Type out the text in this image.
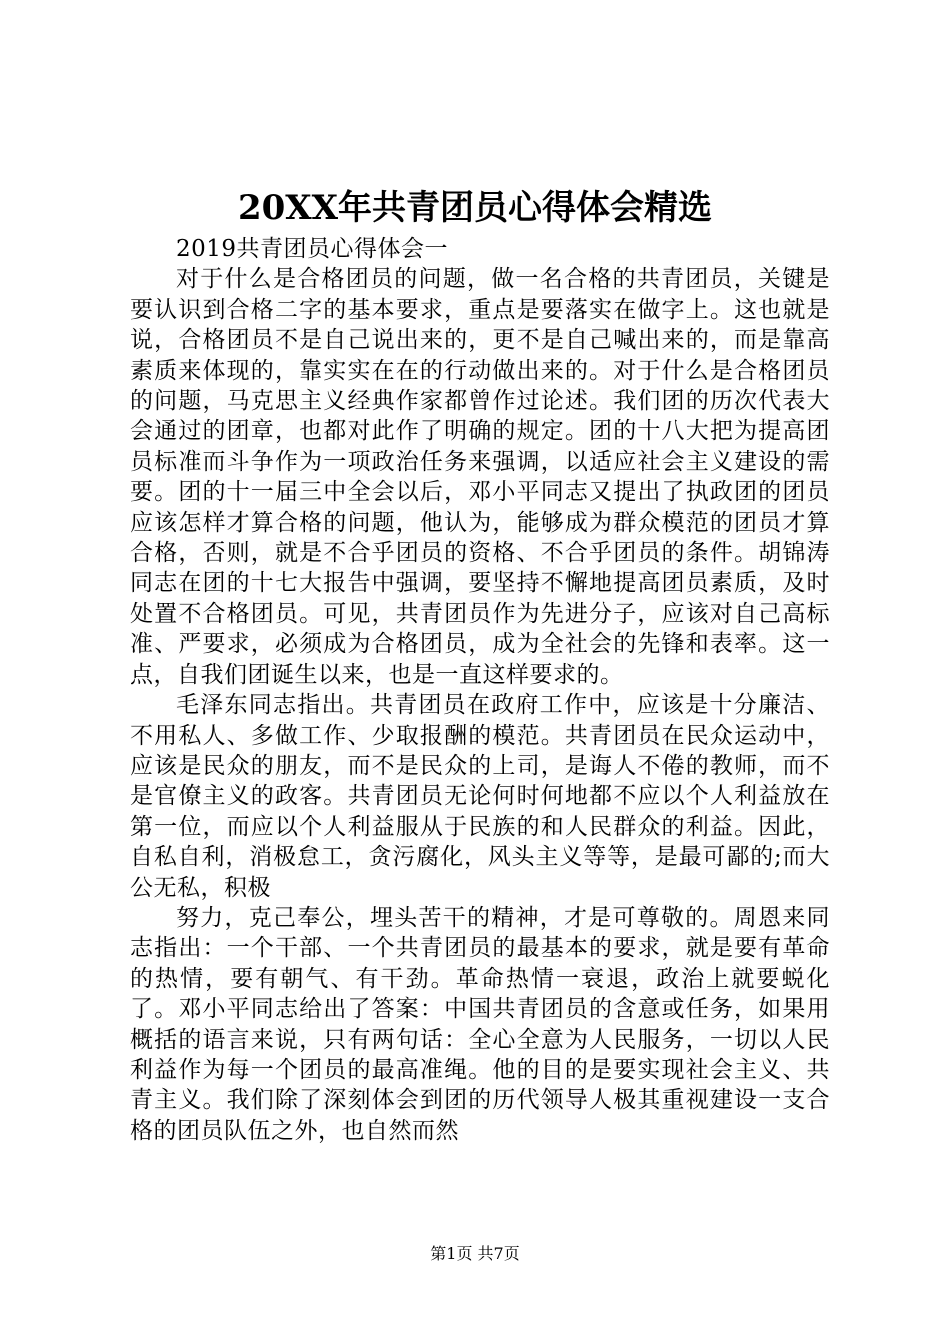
20XX年共青团员心得体会精选

2019共青团员心得体会一

对于什么是合格团员的问题，做一名合格的共青团员，关键是要认识到合格二字的基本要求，重点是要落实在做字上。这也就是说，合格团员不是自己说出来的，更不是自己喊出来的，而是靠高素质来体现的，靠实实在在的行动做出来的。对于什么是合格团员的问题，马克思主义经典作家都曾作过论述。我们团的历次代表大会通过的团章，也都对此作了明确的规定。团的十八大把为提高团员标准而斗争作为一项政治任务来强调，以适应社会主义建设的需要。团的十一届三中全会以后，邓小平同志又提出了执政团的团员应该怎样才算合格的问题，他认为，能够成为群众模范的团员才算合格，否则，就是不合乎团员的资格、不合乎团员的条件。胡锦涛同志在团的十七大报告中强调，要坚持不懈地提高团员素质，及时处置不合格团员。可见，共青团员作为先进分子，应该对自己高标准、严要求，必须成为合格团员，成为全社会的先锋和表率。这一点，自我们团诞生以来，也是一直这样要求的。

毛泽东同志指出。共青团员在政府工作中，应该是十分廉洁、不用私人、多做工作、少取报酬的模范。共青团员在民众运动中，应该是民众的朋友，而不是民众的上司，是诲人不倦的教师，而不是官僚主义的政客。共青团员无论何时何地都不应以个人利益放在第一位，而应以个人利益服从于民族的和人民群众的利益。因此，自私自利，消极怠工，贪污腐化，风头主义等等，是最可鄙的;而大公无私，积极

努力，克己奉公，埋头苦干的精神，才是可尊敬的。周恩来同志指出：一个干部、一个共青团员的最基本的要求，就是要有革命的热情，要有朝气、有干劲。革命热情一衰退，政治上就要蜕化了。邓小平同志给出了答案：中国共青团员的含意或任务，如果用概括的语言来说，只有两句话：全心全意为人民服务，一切以人民利益作为每一个团员的最高准绳。他的目的是要实现社会主义、共青主义。我们除了深刻体会到团的历代领导人极其重视建设一支合格的团员队伍之外，也自然而然

第1页 共7页
